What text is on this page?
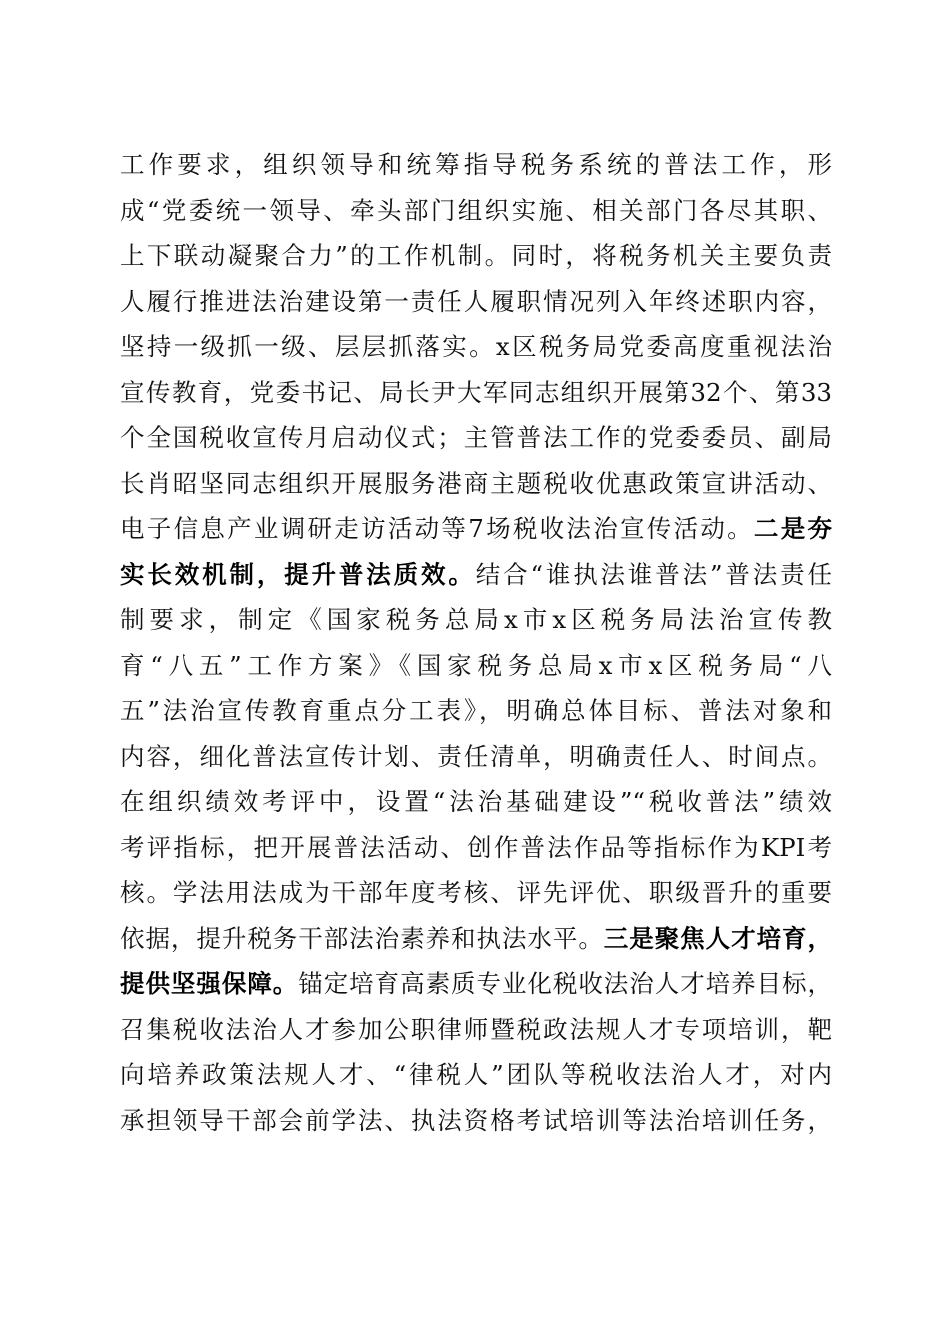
工作要求，组织领导和统筹指导税务系统的普法工作，形
成“党委统一领导、牵头部门组织实施、相关部门各尽其职、
上下联动凝聚合力”的工作机制。同时，将税务机关主要负责
人履行推进法治建设第一责任人履职情况列入年终述职内容，
坚持一级抓一级、层层抓落实。x区税务局党委高度重视法治
宣传教育，党委书记、局长尹大军同志组织开展第32个、第33
个全国税收宣传月启动仪式；主管普法工作的党委委员、副局
长肖昭坚同志组织开展服务港商主题税收优惠政策宣讲活动、
电子信息产业调研走访活动等7场税收法治宣传活动。二是夯
实长效机制，提升普法质效。结合“谁执法谁普法”普法责任
制要求，制定《国家税务总局x市x区税务局法治宣传教
育“八五”工作方案》《国家税务总局x市x区税务局“八
五”法治宣传教育重点分工表》，明确总体目标、普法对象和
内容，细化普法宣传计划、责任清单，明确责任人、时间点。
在组织绩效考评中，设置“法治基础建设”“税收普法”绩效
考评指标，把开展普法活动、创作普法作品等指标作为KPI考
核。学法用法成为干部年度考核、评先评优、职级晋升的重要
依据，提升税务干部法治素养和执法水平。三是聚焦人才培育，
提供坚强保障。锚定培育高素质专业化税收法治人才培养目标，
召集税收法治人才参加公职律师暨税政法规人才专项培训，靶
向培养政策法规人才、“律税人”团队等税收法治人才，对内
承担领导干部会前学法、执法资格考试培训等法治培训任务，
